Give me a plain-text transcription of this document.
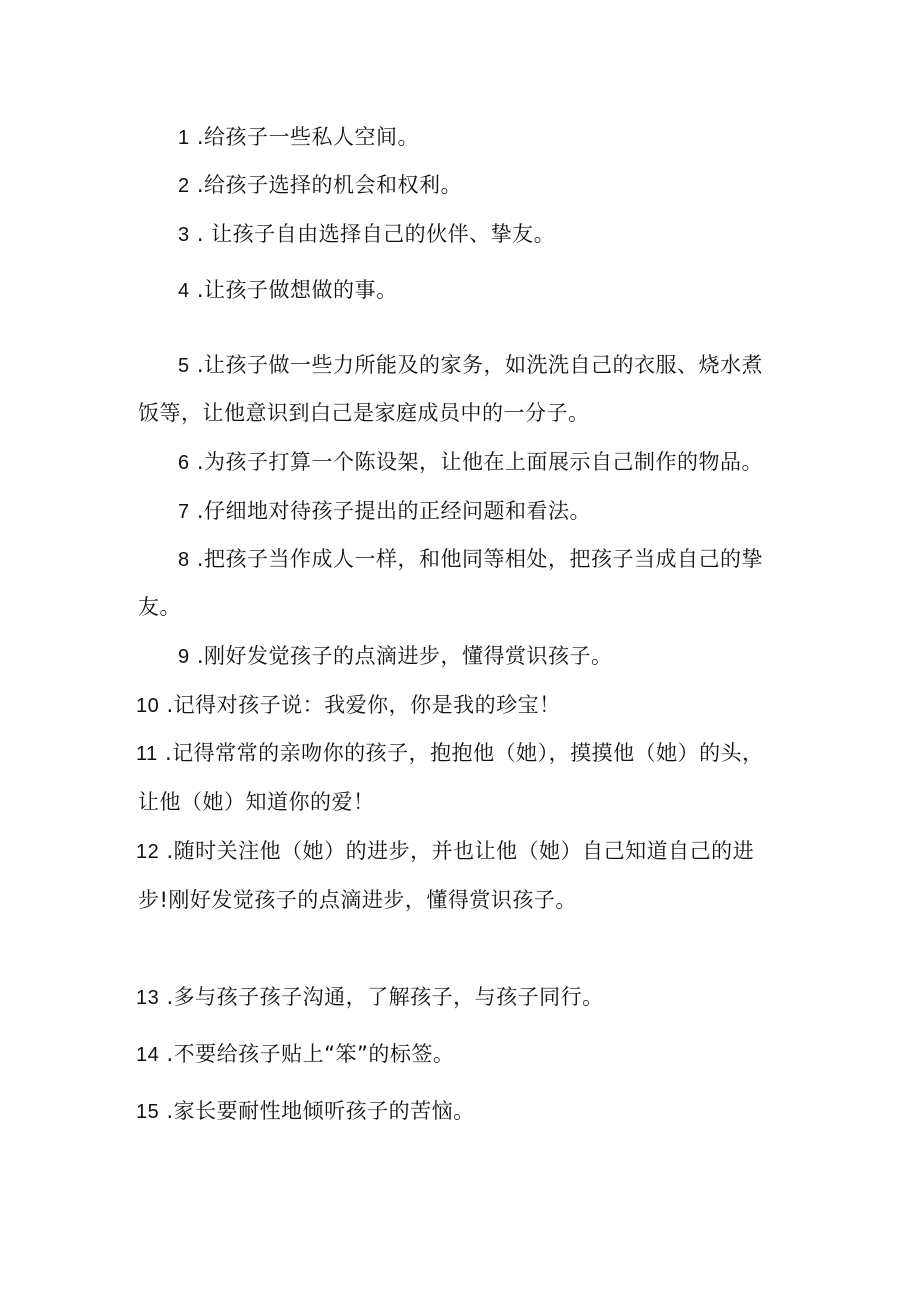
1 .给孩子一些私人空间。
2 .给孩子选择的机会和权利。
3 . 让孩子自由选择自己的伙伴、挚友。
4 .让孩子做想做的事。
5 .让孩子做一些力所能及的家务，如洗洗自己的衣服、烧水煮
饭等，让他意识到白己是家庭成员中的一分子。
6 .为孩子打算一个陈设架，让他在上面展示自己制作的物品。
7 .仔细地对待孩子提出的正经问题和看法。
8 .把孩子当作成人一样，和他同等相处，把孩子当成自己的挚
友。
9 .刚好发觉孩子的点滴进步，懂得赏识孩子。
10 .记得对孩子说：我爱你，你是我的珍宝！
11 .记得常常的亲吻你的孩子，抱抱他（她），摸摸他（她）的头，
让他（她）知道你的爱！
12 .随时关注他（她）的进步，并也让他（她）自己知道自己的进
步!刚好发觉孩子的点滴进步，懂得赏识孩子。
13 .多与孩子孩子沟通，了解孩子，与孩子同行。
14 .不要给孩子贴上“笨”的标签。
15 .家长要耐性地倾听孩子的苦恼。
